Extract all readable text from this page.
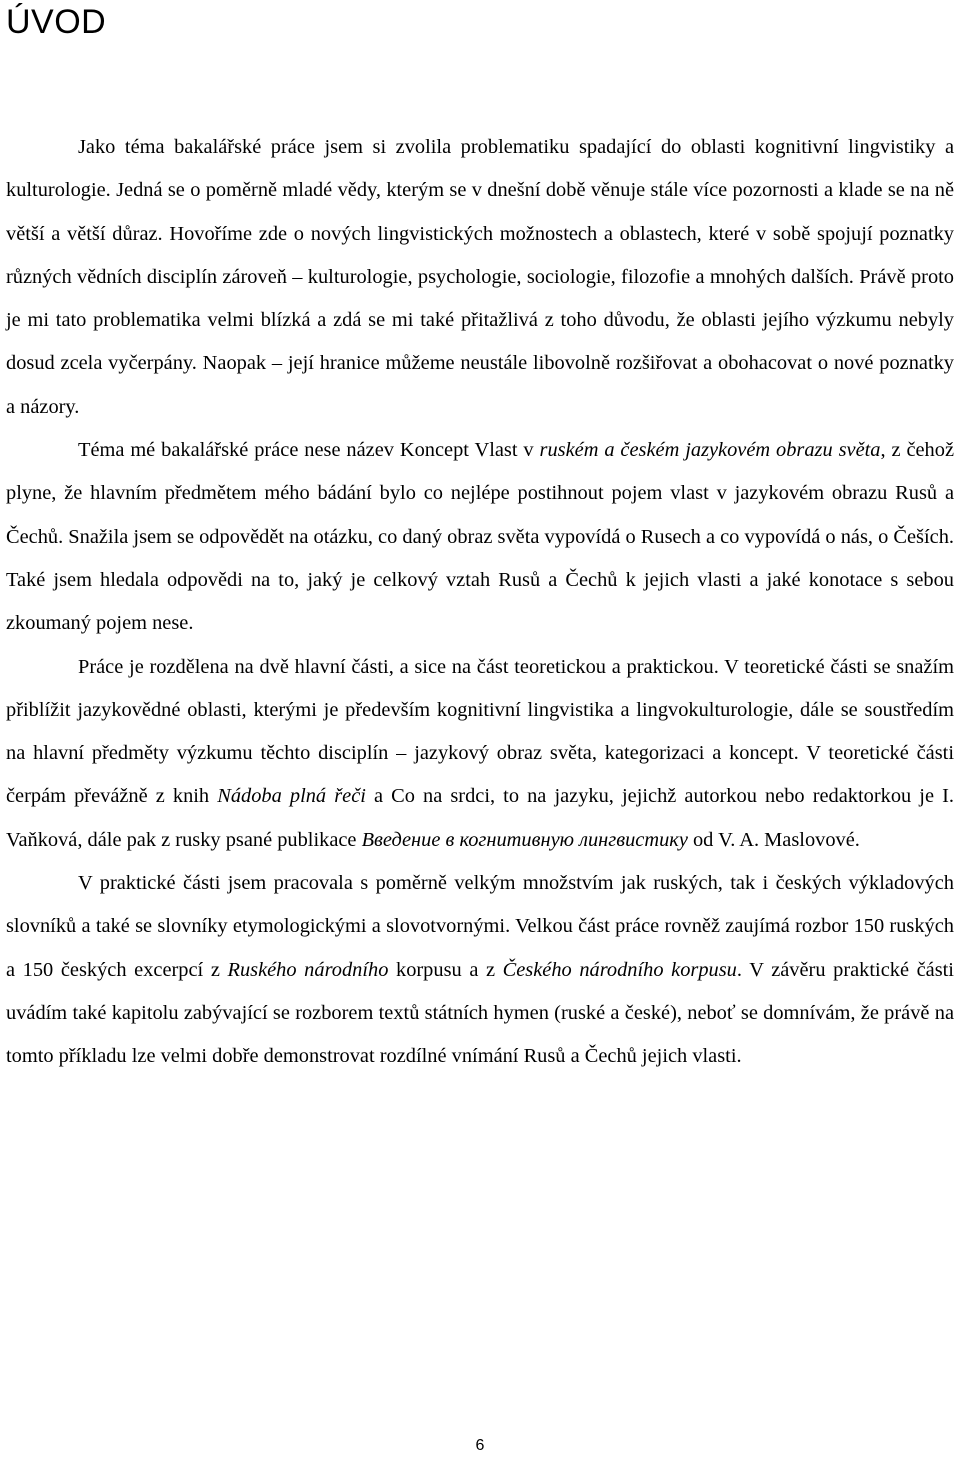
ÚVOD

Jako téma bakalářské práce jsem si zvolila problematiku spadající do oblasti kognitivní lingvistiky a kulturologie. Jedná se o poměrně mladé vědy, kterým se v dnešní době věnuje stále více pozornosti a klade se na ně větší a větší důraz. Hovoříme zde o nových lingvistických možnostech a oblastech, které v sobě spojují poznatky různých vědních disciplín zároveň – kulturologie, psychologie, sociologie, filozofie a mnohých dalších. Právě proto je mi tato problematika velmi blízká a zdá se mi také přitažlivá z toho důvodu, že oblasti jejího výzkumu nebyly dosud zcela vyčerpány. Naopak – její hranice můžeme neustále libovolně rozšiřovat a obohacovat o nové poznatky a názory.

Téma mé bakalářské práce nese název Koncept Vlast v ruském a českém jazykovém obrazu světa, z čehož plyne, že hlavním předmětem mého bádání bylo co nejlépe postihnout pojem vlast v jazykovém obrazu Rusů a Čechů. Snažila jsem se odpovědět na otázku, co daný obraz světa vypovídá o Rusech a co vypovídá o nás, o Češích. Také jsem hledala odpovědi na to, jaký je celkový vztah Rusů a Čechů k jejich vlasti a jaké konotace s sebou zkoumaný pojem nese.

Práce je rozdělena na dvě hlavní části, a sice na část teoretickou a praktickou. V teoretické části se snažím přiblížit jazykovědné oblasti, kterými je především kognitivní lingvistika a lingvokulturologie, dále se soustředím na hlavní předměty výzkumu těchto disciplín – jazykový obraz světa, kategorizaci a koncept. V teoretické části čerpám převážně z knih Nádoba plná řeči a Co na srdci, to na jazyku, jejichž autorkou nebo redaktorkou je I. Vaňková, dále pak z rusky psané publikace Введение в когнитивную лингвистику od V. A. Maslovové.

V praktické části jsem pracovala s poměrně velkým množstvím jak ruských, tak i českých výkladových slovníků a také se slovníky etymologickými a slovotvornými. Velkou část práce rovněž zaujímá rozbor 150 ruských a 150 českých excerpcí z Ruského národního korpusu a z Českého národního korpusu. V závěru praktické části uvádím také kapitolu zabývající se rozborem textů státních hymen (ruské a české), neboť se domnívám, že právě na tomto příkladu lze velmi dobře demonstrovat rozdílné vnímání Rusů a Čechů jejich vlasti.

6
